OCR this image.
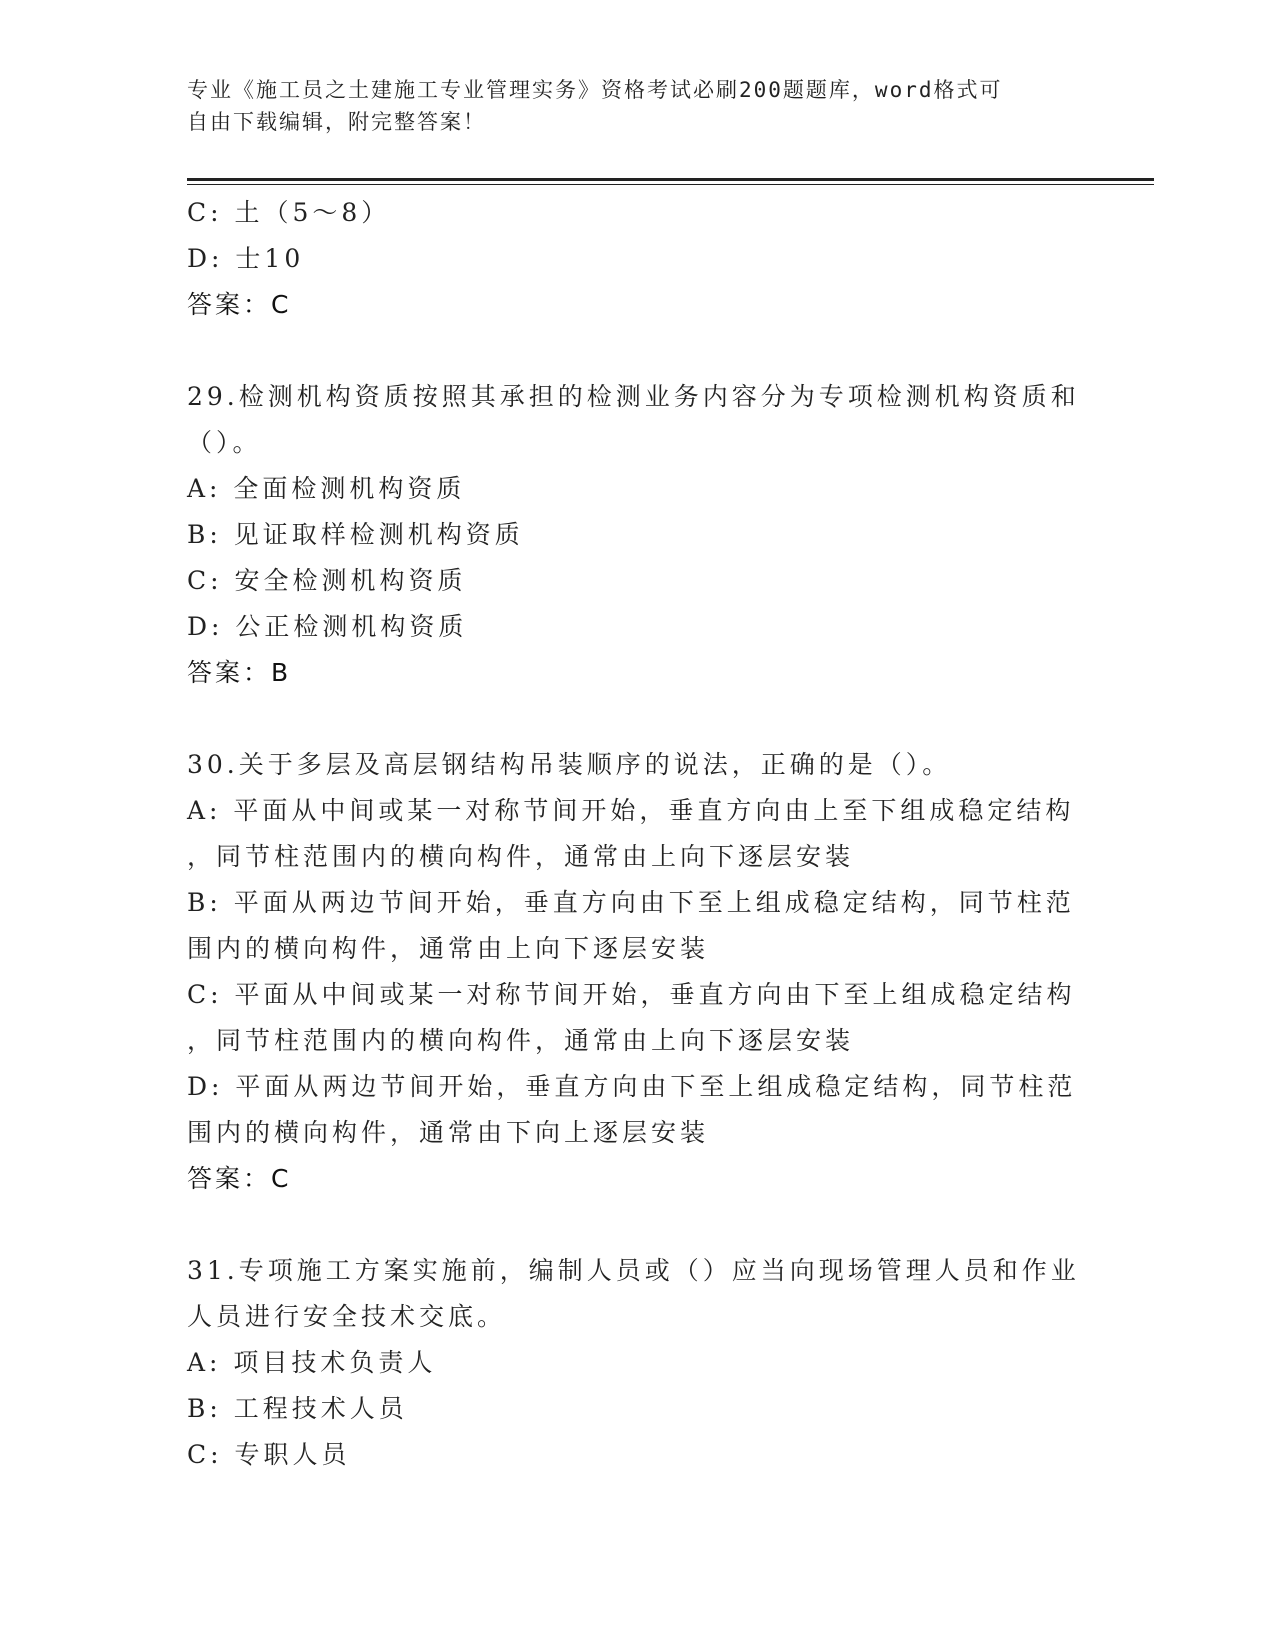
专业《施工员之土建施工专业管理实务》资格考试必刷200题题库，word格式可
自由下载编辑，附完整答案！
C: 土（5～8）
D: 士10
答案：C
29.检测机构资质按照其承担的检测业务内容分为专项检测机构资质和
（）。
A: 全面检测机构资质
B: 见证取样检测机构资质
C: 安全检测机构资质
D: 公正检测机构资质
答案：B
30.关于多层及高层钢结构吊装顺序的说法，正确的是（）。
A: 平面从中间或某一对称节间开始，垂直方向由上至下组成稳定结构
，同节柱范围内的横向构件，通常由上向下逐层安装
B: 平面从两边节间开始，垂直方向由下至上组成稳定结构，同节柱范
围内的横向构件，通常由上向下逐层安装
C: 平面从中间或某一对称节间开始，垂直方向由下至上组成稳定结构
，同节柱范围内的横向构件，通常由上向下逐层安装
D: 平面从两边节间开始，垂直方向由下至上组成稳定结构，同节柱范
围内的横向构件，通常由下向上逐层安装
答案：C
31.专项施工方案实施前，编制人员或（）应当向现场管理人员和作业
人员进行安全技术交底。
A: 项目技术负责人
B: 工程技术人员
C: 专职人员
